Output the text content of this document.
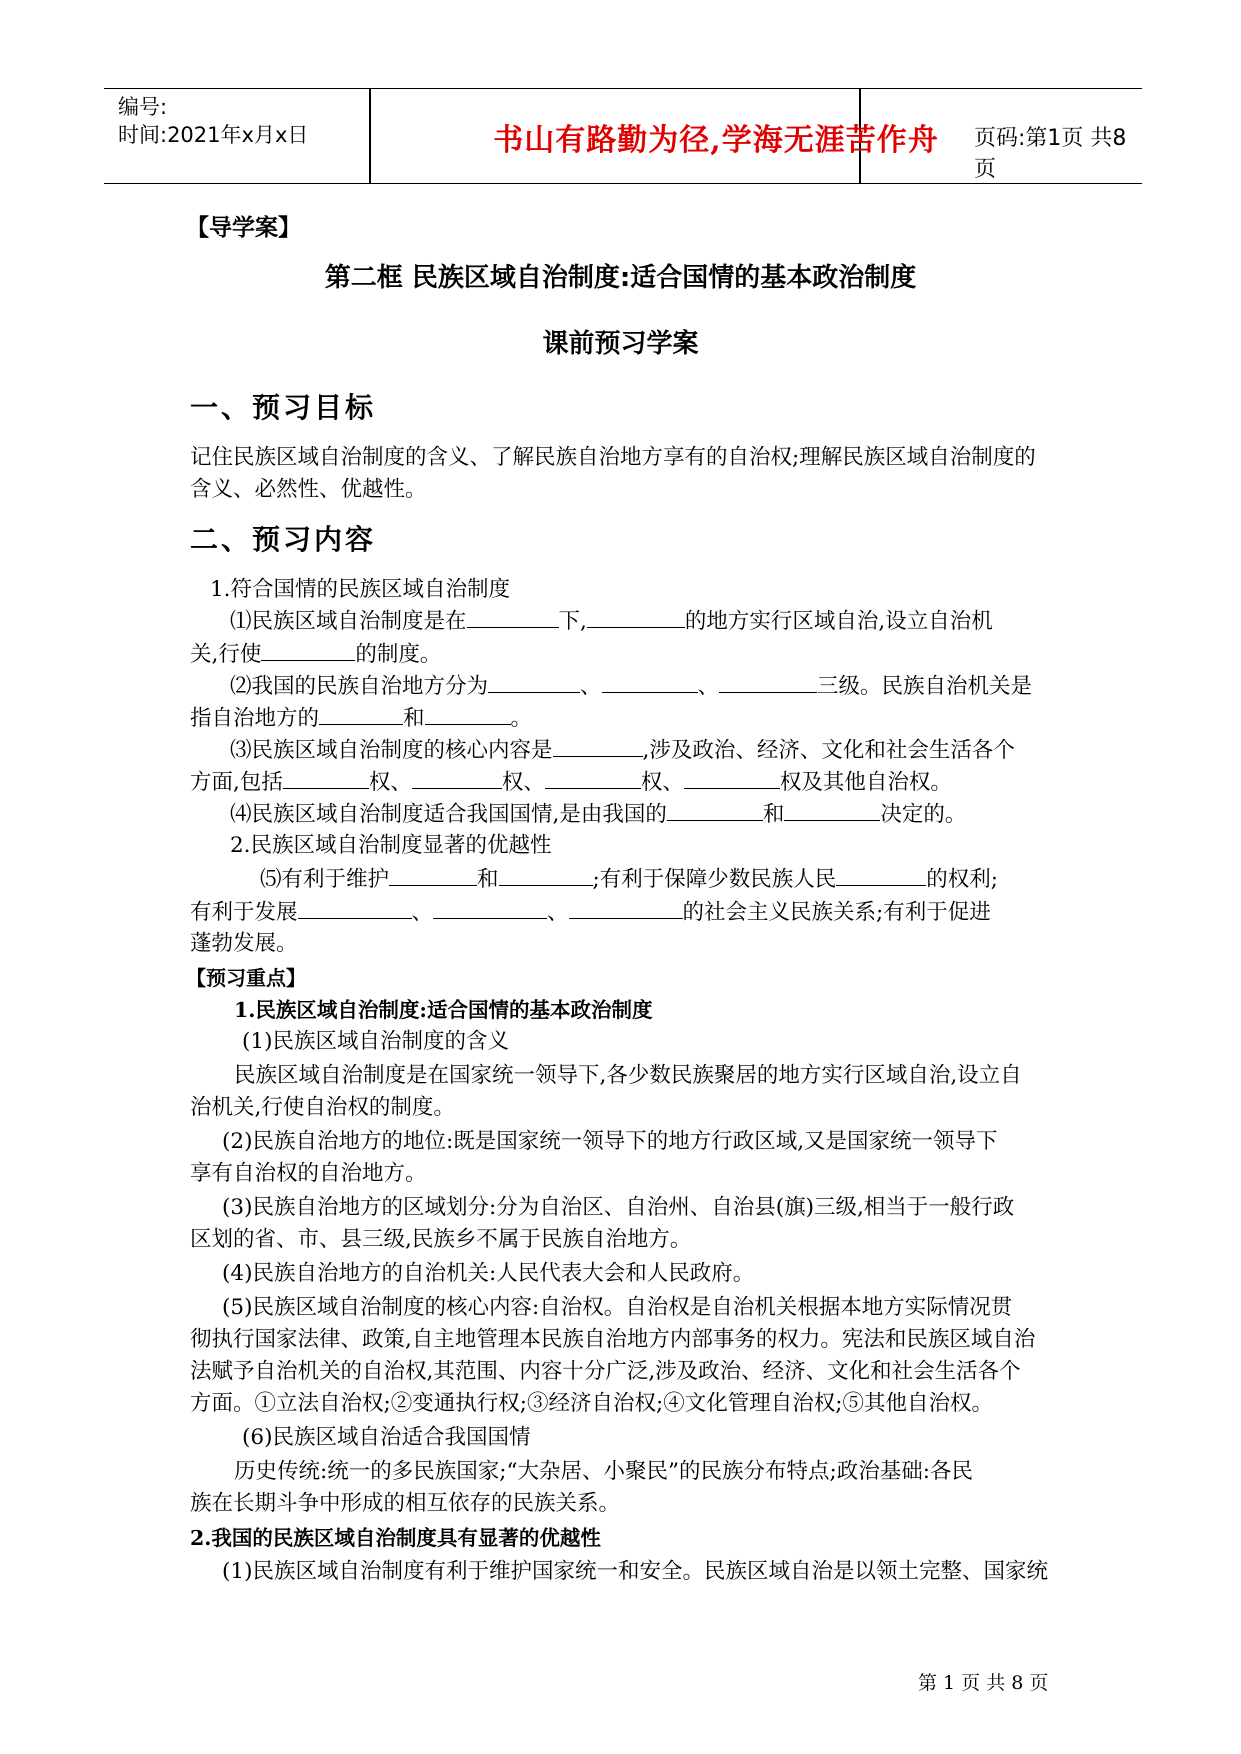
编号:
时间:2021年x月x日	书山有路勤为径,学海无涯苦作舟	页码:第1页 共8页
【导学案】
第二框 民族区域自治制度:适合国情的基本政治制度
课前预习学案
一、预习目标
记住民族区域自治制度的含义、了解民族自治地方享有的自治权;理解民族区域自治制度的
含义、必然性、优越性。
二、预习内容
1.符合国情的民族区域自治制度
⑴民族区域自治制度是在	下,	的地方实行区域自治,设立自治机
关,行使	的制度。
⑵我国的民族自治地方分为	、	、	三级。民族自治机关是
指自治地方的	和	。
⑶民族区域自治制度的核心内容是	,涉及政治、经济、文化和社会生活各个
方面,包括	权、	权、	权、	权及其他自治权。
⑷民族区域自治制度适合我国国情,是由我国的	和	决定的。
2.民族区域自治制度显著的优越性
⑸有利于维护	和	;有利于保障少数民族人民	的权利;
有利于发展	、	、	的社会主义民族关系;有利于促进
蓬勃发展。
【预习重点】
1.民族区域自治制度:适合国情的基本政治制度
(1)民族区域自治制度的含义
民族区域自治制度是在国家统一领导下,各少数民族聚居的地方实行区域自治,设立自
治机关,行使自治权的制度。
(2)民族自治地方的地位:既是国家统一领导下的地方行政区域,又是国家统一领导下
享有自治权的自治地方。
(3)民族自治地方的区域划分:分为自治区、自治州、自治县(旗)三级,相当于一般行政
区划的省、市、县三级,民族乡不属于民族自治地方。
(4)民族自治地方的自治机关:人民代表大会和人民政府。
(5)民族区域自治制度的核心内容:自治权。自治权是自治机关根据本地方实际情况贯
彻执行国家法律、政策,自主地管理本民族自治地方内部事务的权力。宪法和民族区域自治
法赋予自治机关的自治权,其范围、内容十分广泛,涉及政治、经济、文化和社会生活各个
方面。①立法自治权;②变通执行权;③经济自治权;④文化管理自治权;⑤其他自治权。
(6)民族区域自治适合我国国情
历史传统:统一的多民族国家;“大杂居、小聚民”的民族分布特点;政治基础:各民
族在长期斗争中形成的相互依存的民族关系。
2.我国的民族区域自治制度具有显著的优越性
(1)民族区域自治制度有利于维护国家统一和安全。民族区域自治是以领土完整、国家统
第 1 页 共 8 页
